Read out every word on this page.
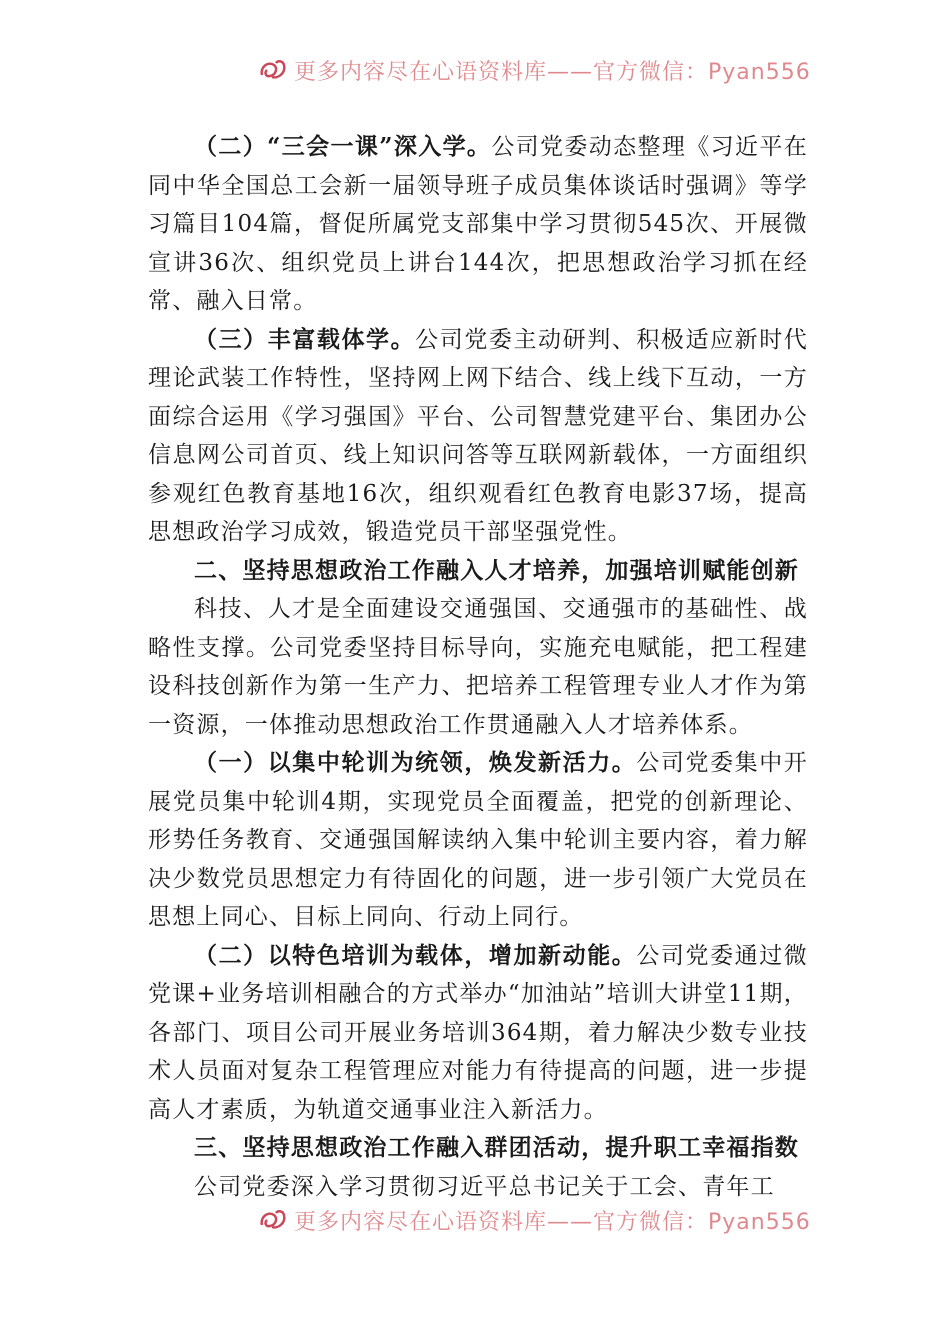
更多内容尽在心语资料库——官方微信：Pyan556

（二）“三会一课”深入学。公司党委动态整理《习近平在同中华全国总工会新一届领导班子成员集体谈话时强调》等学习篇目104篇，督促所属党支部集中学习贯彻545次、开展微宣讲36次、组织党员上讲台144次，把思想政治学习抓在经常、融入日常。

（三）丰富载体学。公司党委主动研判、积极适应新时代理论武装工作特性，坚持网上网下结合、线上线下互动，一方面综合运用《学习强国》平台、公司智慧党建平台、集团办公信息网公司首页、线上知识问答等互联网新载体，一方面组织参观红色教育基地16次，组织观看红色教育电影37场，提高思想政治学习成效，锻造党员干部坚强党性。

二、坚持思想政治工作融入人才培养，加强培训赋能创新

科技、人才是全面建设交通强国、交通强市的基础性、战略性支撑。公司党委坚持目标导向，实施充电赋能，把工程建设科技创新作为第一生产力、把培养工程管理专业人才作为第一资源，一体推动思想政治工作贯通融入人才培养体系。

（一）以集中轮训为统领，焕发新活力。公司党委集中开展党员集中轮训4期，实现党员全面覆盖，把党的创新理论、形势任务教育、交通强国解读纳入集中轮训主要内容，着力解决少数党员思想定力有待固化的问题，进一步引领广大党员在思想上同心、目标上同向、行动上同行。

（二）以特色培训为载体，增加新动能。公司党委通过微党课+业务培训相融合的方式举办“加油站”培训大讲堂11期，各部门、项目公司开展业务培训364期，着力解决少数专业技术人员面对复杂工程管理应对能力有待提高的问题，进一步提高人才素质，为轨道交通事业注入新活力。

三、坚持思想政治工作融入群团活动，提升职工幸福指数

公司党委深入学习贯彻习近平总书记关于工会、青年工

更多内容尽在心语资料库——官方微信：Pyan556
